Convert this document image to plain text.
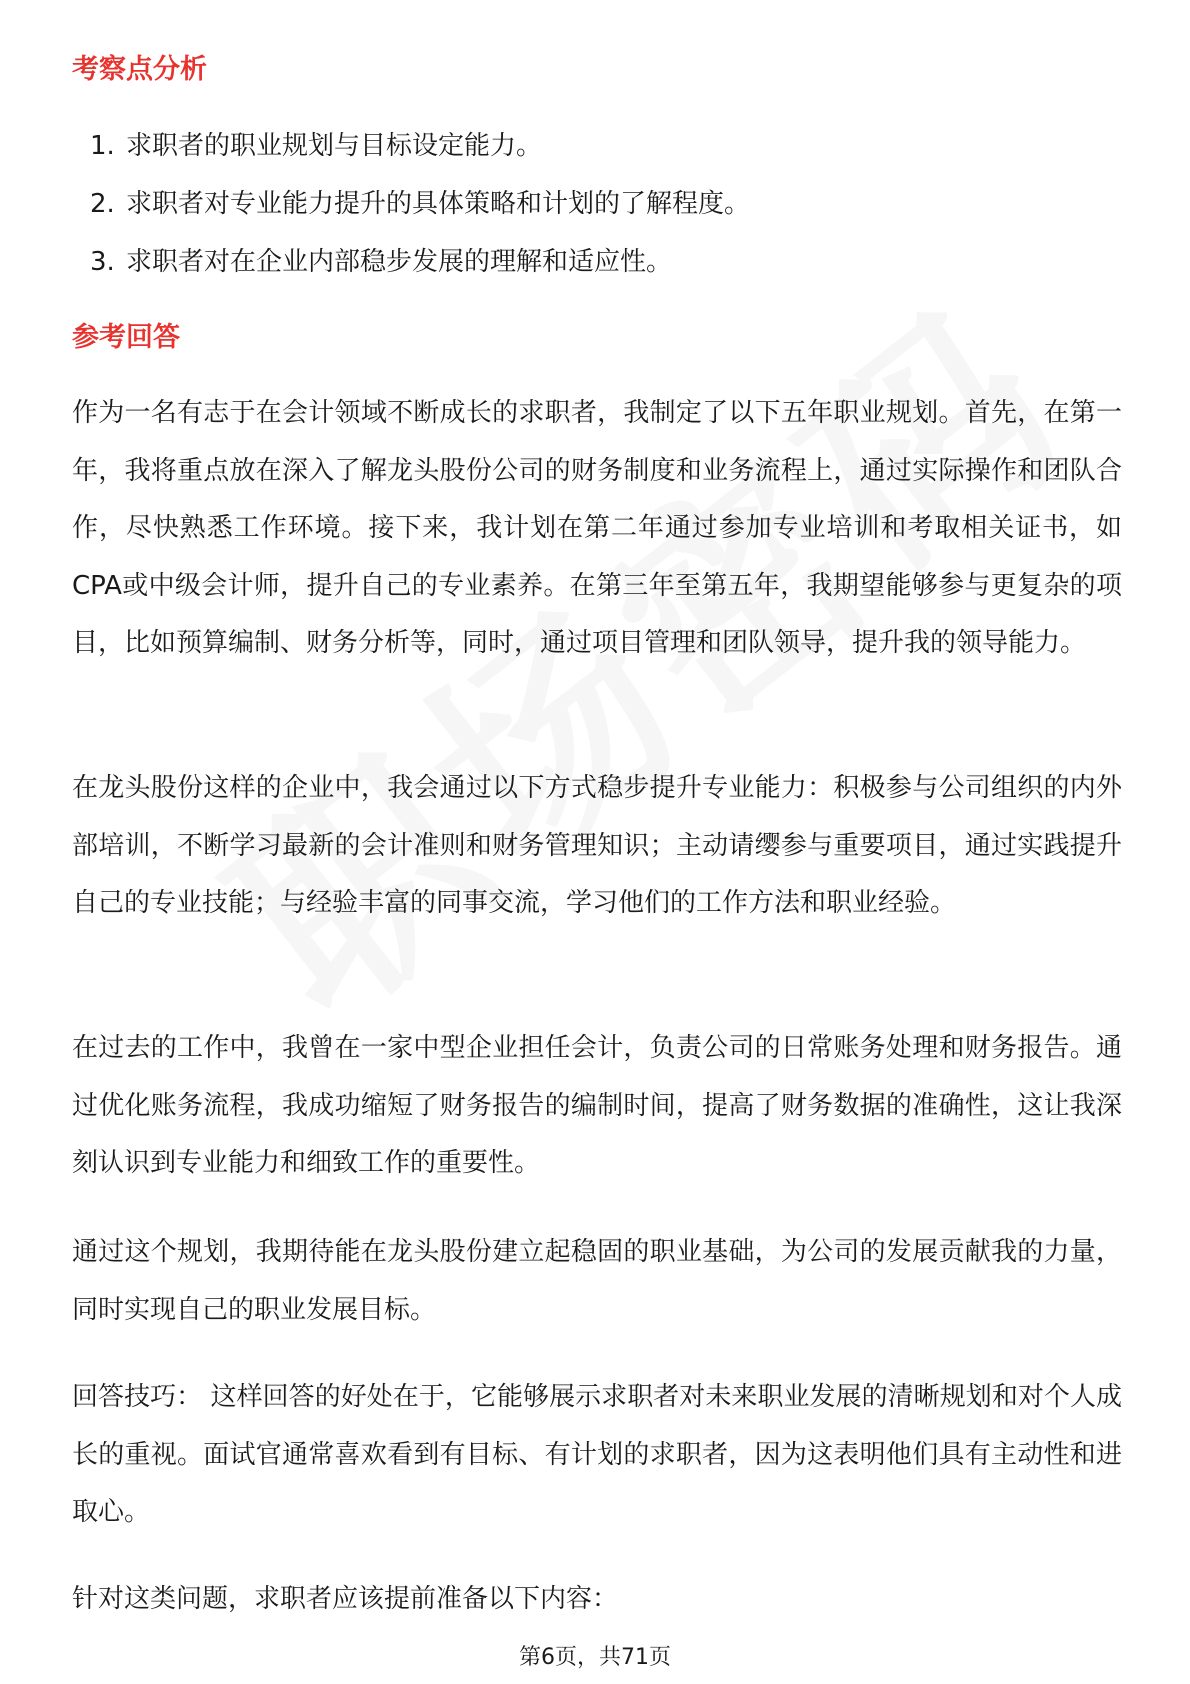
考察点分析
1. 求职者的职业规划与目标设定能力。
2. 求职者对专业能力提升的具体策略和计划的了解程度。
3. 求职者对在企业内部稳步发展的理解和适应性。
参考回答

作为一名有志于在会计领域不断成长的求职者，我制定了以下五年职业规划。首先，在第一年，我将重点放在深入了解龙头股份公司的财务制度和业务流程上，通过实际操作和团队合作，尽快熟悉工作环境。接下来，我计划在第二年通过参加专业培训和考取相关证书，如CPA或中级会计师，提升自己的专业素养。在第三年至第五年，我期望能够参与更复杂的项目，比如预算编制、财务分析等，同时，通过项目管理和团队领导，提升我的领导能力。

在龙头股份这样的企业中，我会通过以下方式稳步提升专业能力：积极参与公司组织的内外部培训，不断学习最新的会计准则和财务管理知识；主动请缨参与重要项目，通过实践提升自己的专业技能；与经验丰富的同事交流，学习他们的工作方法和职业经验。

在过去的工作中，我曾在一家中型企业担任会计，负责公司的日常账务处理和财务报告。通过优化账务流程，我成功缩短了财务报告的编制时间，提高了财务数据的准确性，这让我深刻认识到专业能力和细致工作的重要性。

通过这个规划，我期待能在龙头股份建立起稳固的职业基础，为公司的发展贡献我的力量，同时实现自己的职业发展目标。

回答技巧： 这样回答的好处在于，它能够展示求职者对未来职业发展的清晰规划和对个人成长的重视。面试官通常喜欢看到有目标、有计划的求职者，因为这表明他们具有主动性和进取心。

针对这类问题，求职者应该提前准备以下内容：

第6页，共71页
